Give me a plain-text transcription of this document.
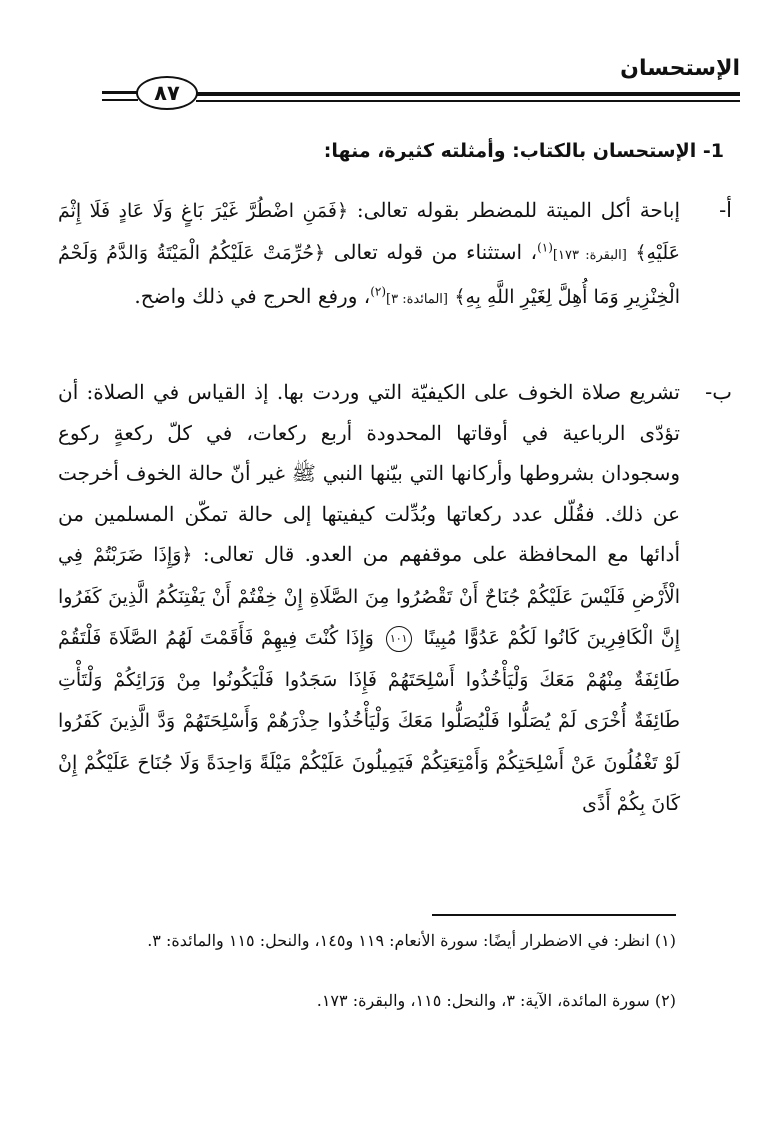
الإستحسان
٨٧
1- الإستحسان بالكتاب: وأمثلته كثيرة، منها:
أ-
إباحة أكل الميتة للمضطر بقوله تعالى: ﴿فَمَنِ اضْطُرَّ غَيْرَ بَاغٍ وَلَا عَادٍ فَلَا إِثْمَ عَلَيْهِ﴾ [البقرة: ١٧٣]$^{(١)}$، استثناء من قوله تعالى ﴿حُرِّمَتْ عَلَيْكُمُ الْمَيْتَةُ وَالدَّمُ وَلَحْمُ الْخِنْزِيرِ وَمَا أُهِلَّ لِغَيْرِ اللَّهِ بِهِ﴾ [المائدة: ٣]$^{(٢)}$، ورفع الحرج في ذلك واضح.
ب-
تشريع صلاة الخوف على الكيفيّة التي وردت بها. إذ القياس في الصلاة: أن تؤدّى الرباعية في أوقاتها المحدودة أربع ركعات، في كلّ ركعةٍ ركوع وسجودان بشروطها وأركانها التي بيّنها النبي ﷺ غير أنّ حالة الخوف أخرجت عن ذلك. فقُلّل عدد ركعاتها وبُدِّلت كيفيتها إلى حالة تمكّن المسلمين من أدائها مع المحافظة على موقفهم من العدو. قال تعالى: ﴿وَإِذَا ضَرَبْتُمْ فِي الْأَرْضِ فَلَيْسَ عَلَيْكُمْ جُنَاحٌ أَنْ تَقْصُرُوا مِنَ الصَّلَاةِ إِنْ خِفْتُمْ أَنْ يَفْتِنَكُمُ الَّذِينَ كَفَرُوا إِنَّ الْكَافِرِينَ كَانُوا لَكُمْ عَدُوًّا مُبِينًا
١٠١
وَإِذَا كُنْتَ فِيهِمْ فَأَقَمْتَ لَهُمُ الصَّلَاةَ فَلْتَقُمْ طَائِفَةٌ مِنْهُمْ مَعَكَ وَلْيَأْخُذُوا أَسْلِحَتَهُمْ فَإِذَا سَجَدُوا فَلْيَكُونُوا مِنْ وَرَائِكُمْ وَلْتَأْتِ طَائِفَةٌ أُخْرَى لَمْ يُصَلُّوا فَلْيُصَلُّوا مَعَكَ وَلْيَأْخُذُوا حِذْرَهُمْ وَأَسْلِحَتَهُمْ وَدَّ الَّذِينَ كَفَرُوا لَوْ تَغْفُلُونَ عَنْ أَسْلِحَتِكُمْ وَأَمْتِعَتِكُمْ فَيَمِيلُونَ عَلَيْكُمْ مَيْلَةً وَاحِدَةً وَلَا جُنَاحَ عَلَيْكُمْ إِنْ كَانَ بِكُمْ أَذًى
(١) انظر: في الاضطرار أيضًا: سورة الأنعام: ١١٩ و١٤٥، والنحل: ١١٥ والمائدة: ٣.
(٢) سورة المائدة، الآية: ٣، والنحل: ١١٥، والبقرة: ١٧٣.
